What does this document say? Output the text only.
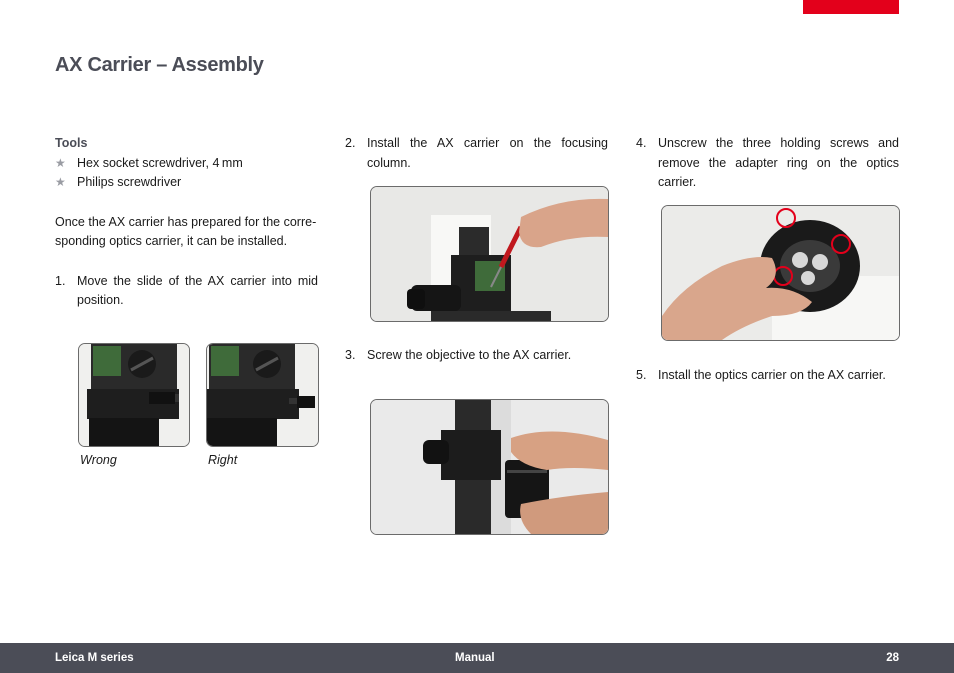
AX Carrier – Assembly
Tools
★ Hex socket screwdriver, 4 mm
★ Philips screwdriver
Once the AX carrier has prepared for the corre-sponding optics carrier, it can be installed.
1. Move the slide of the AX carrier into mid position.
2. Install the AX carrier on the focusing column.
3. Screw the objective to the AX carrier.
4. Unscrew the three holding screws and remove the adapter ring on the optics carrier.
5. Install the optics carrier on the AX carrier.
Wrong	Right
Leica M series	Manual	28
